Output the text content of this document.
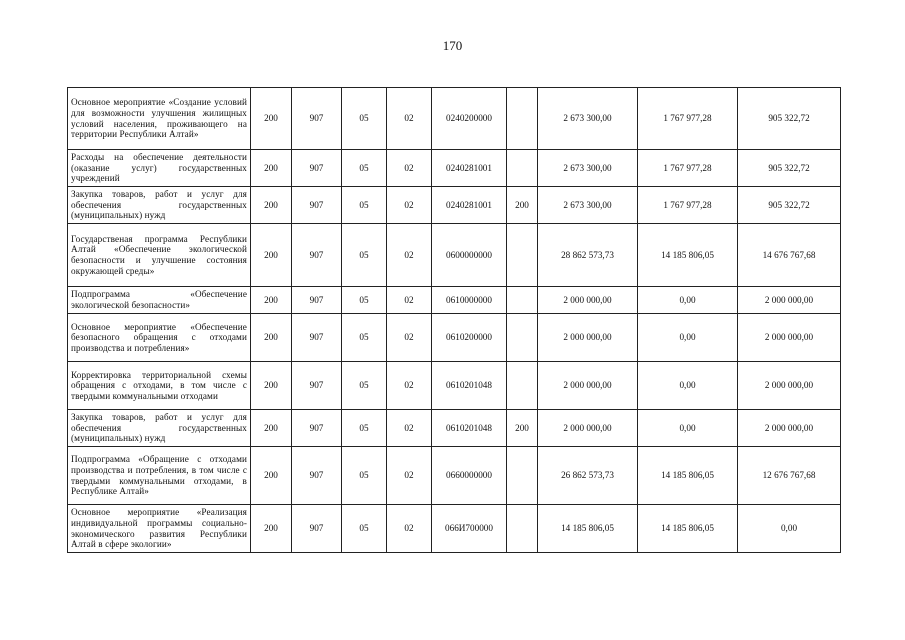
170
Основное мероприятие «Создание условий для возможности улучшения жилищных условий населения, проживающего на территории Республики Алтай»	200	907	05	02	0240200000		2 673 300,00	1 767 977,28	905 322,72
Расходы на обеспечение деятельности (оказание услуг) государственных учреждений	200	907	05	02	0240281001		2 673 300,00	1 767 977,28	905 322,72
Закупка товаров, работ и услуг для обеспечения государственных (муниципальных) нужд	200	907	05	02	0240281001	200	2 673 300,00	1 767 977,28	905 322,72
Государственая программа Республики Алтай «Обеспечение экологической безопасности и улучшение состояния окружающей среды»	200	907	05	02	0600000000		28 862 573,73	14 185 806,05	14 676 767,68
Подпрограмма «Обеспечение экологической безопасности»	200	907	05	02	0610000000		2 000 000,00	0,00	2 000 000,00
Основное мероприятие «Обеспечение безопасного обращения с отходами производства и потребления»	200	907	05	02	0610200000		2 000 000,00	0,00	2 000 000,00
Корректировка территориальной схемы обращения с отходами, в том числе с твердыми коммунальными отходами	200	907	05	02	0610201048		2 000 000,00	0,00	2 000 000,00
Закупка товаров, работ и услуг для обеспечения государственных (муниципальных) нужд	200	907	05	02	0610201048	200	2 000 000,00	0,00	2 000 000,00
Подпрограмма «Обращение с отходами производства и потребления, в том числе с твердыми коммунальными отходами, в Республике Алтай»	200	907	05	02	0660000000		26 862 573,73	14 185 806,05	12 676 767,68
Основное мероприятие «Реализация индивидуальной программы социально-экономического развития Республики Алтай в сфере экологии»	200	907	05	02	066И700000		14 185 806,05	14 185 806,05	0,00
